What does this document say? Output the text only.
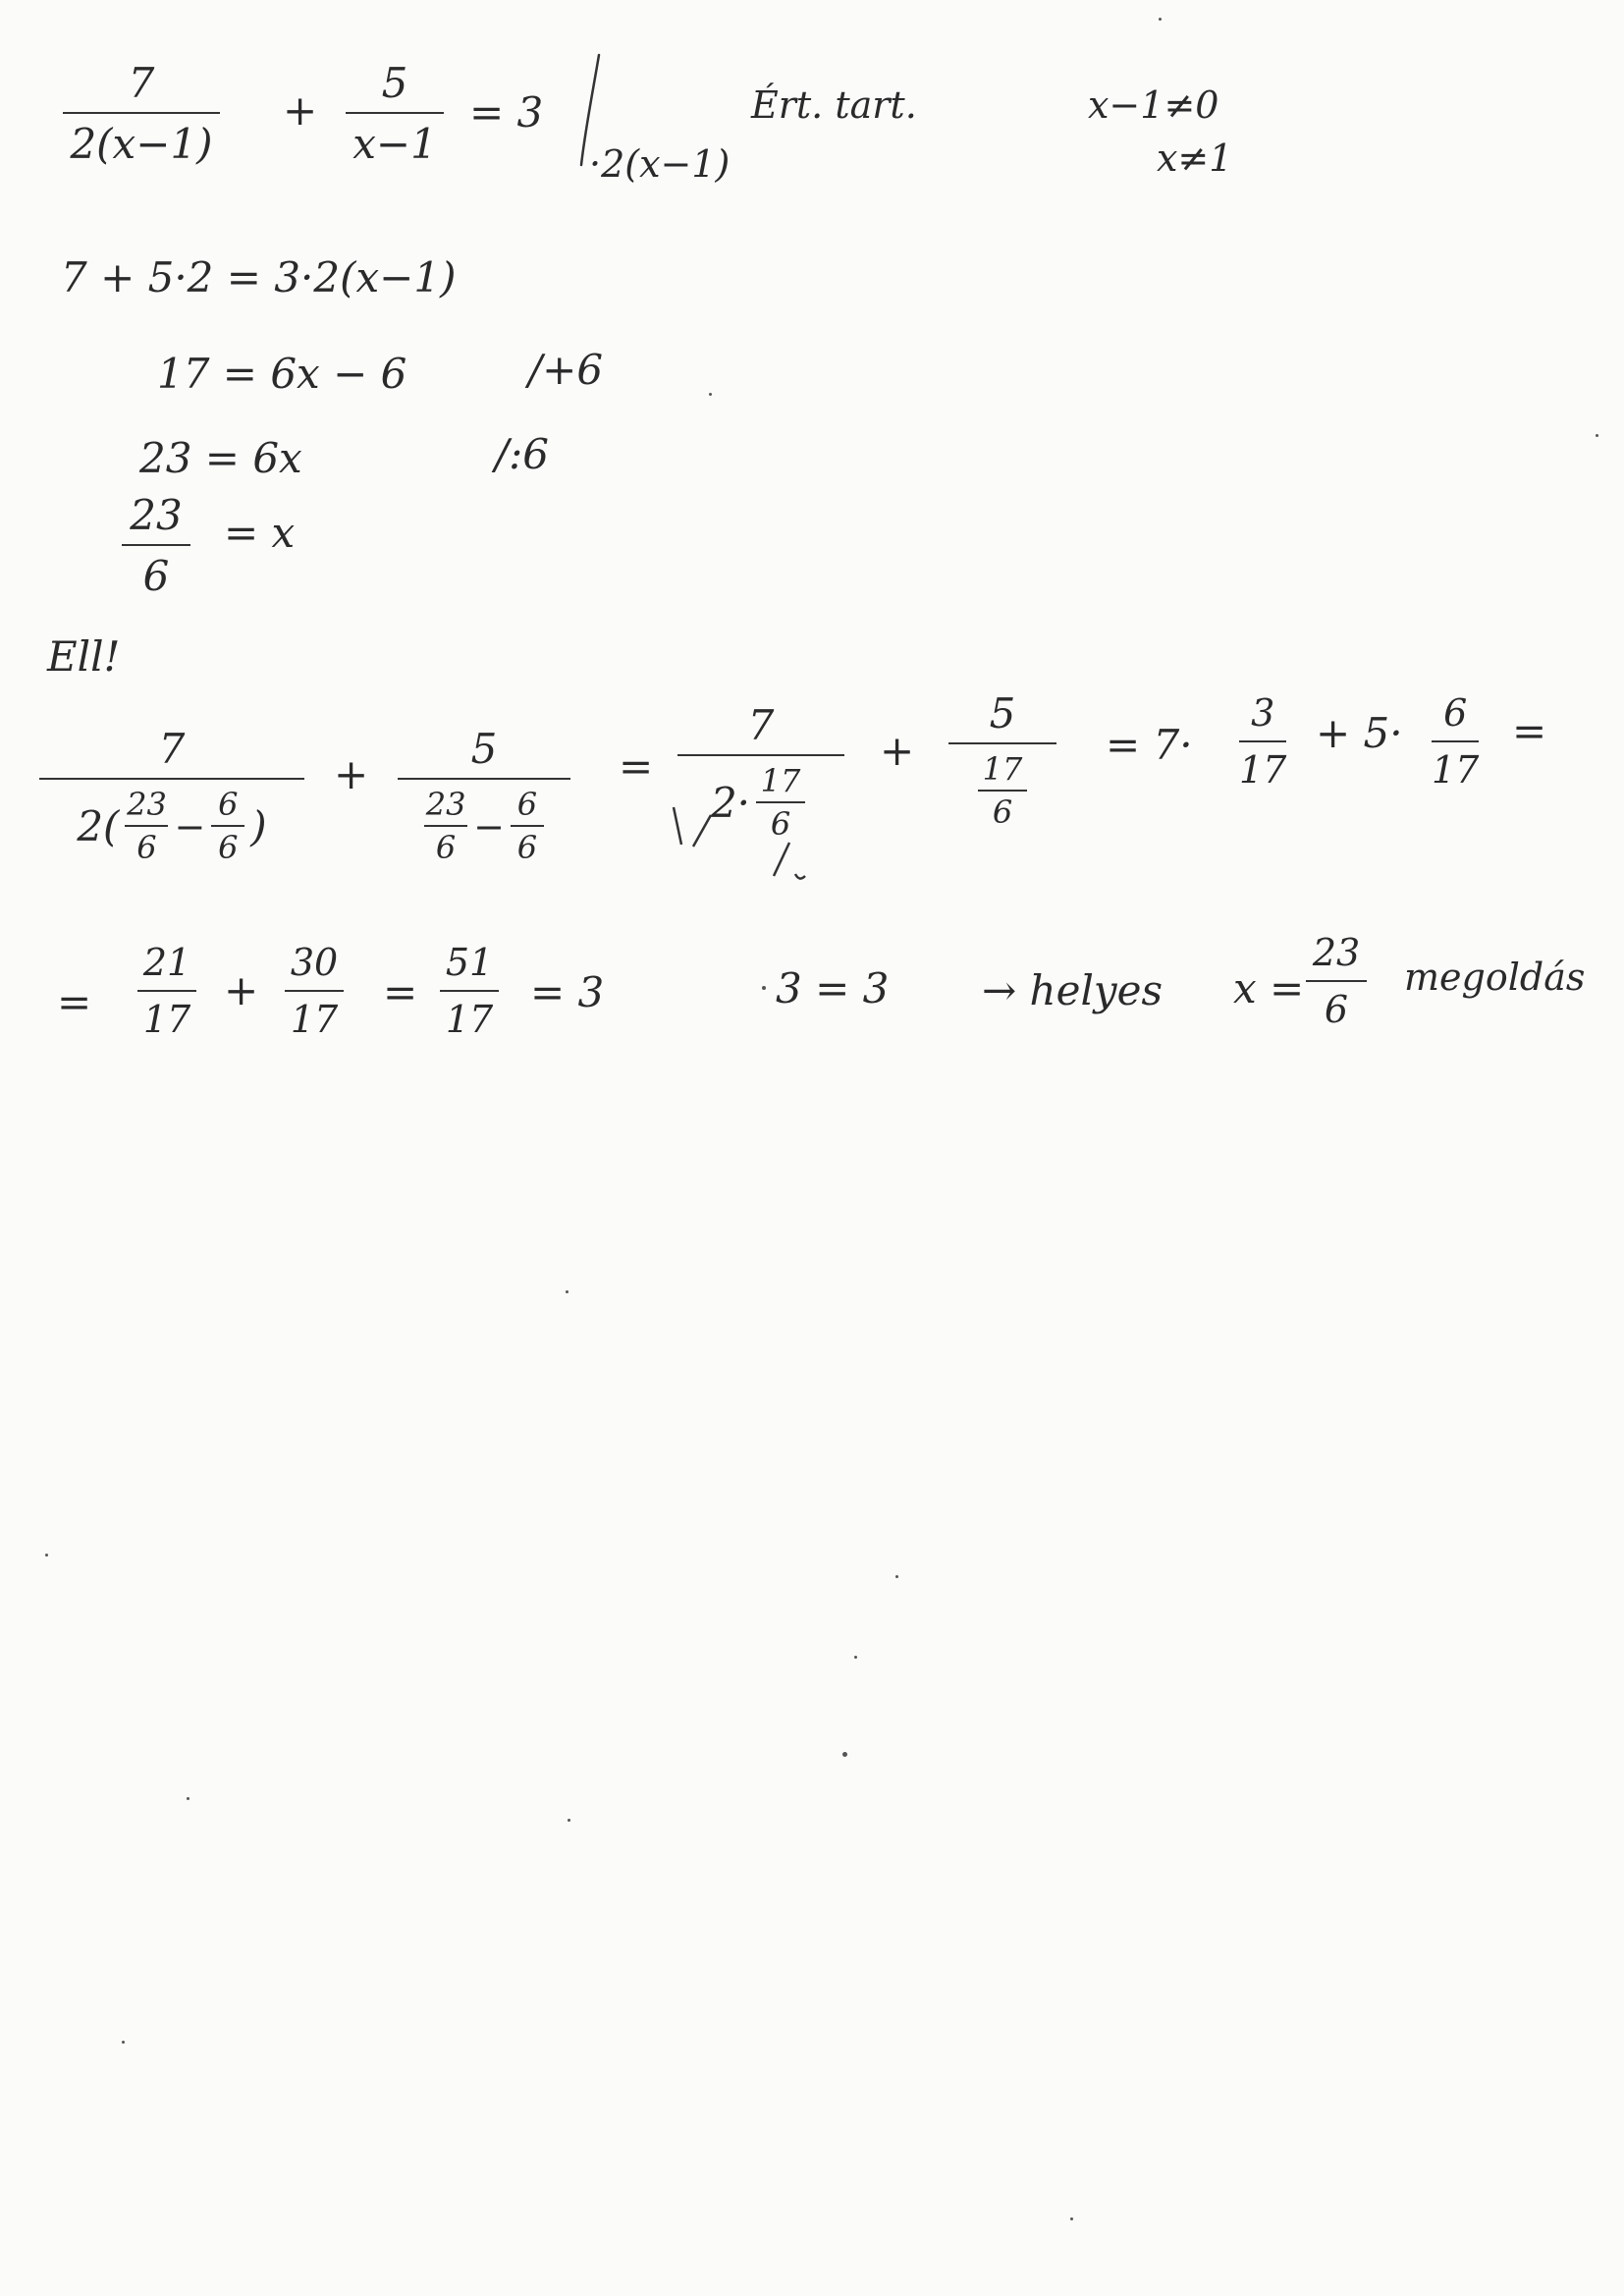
7
2(x−1)
+
5
x−1
= 3
·2(x−1)
Ért. tart.	x−1≠0
x≠1
7 + 5·2 = 3·2(x−1)
17 = 6x − 6	/+6
23 = 6x	/:6
23
6
= x
Ell!
7
$2( \frac{23}{6} - \frac{6}{6}$ )
+
5
$\frac{23}{6} - \frac{6}{6}$
=
7
$2\cdot \frac{17}{6}$
+
5
$\frac{17}{6}$
= 7·
3
17
+ 5· 6
17
=
=
21
17
+
30
17
=
51
17
= 3	3 = 3 → helyes x =
23
6
megoldás
